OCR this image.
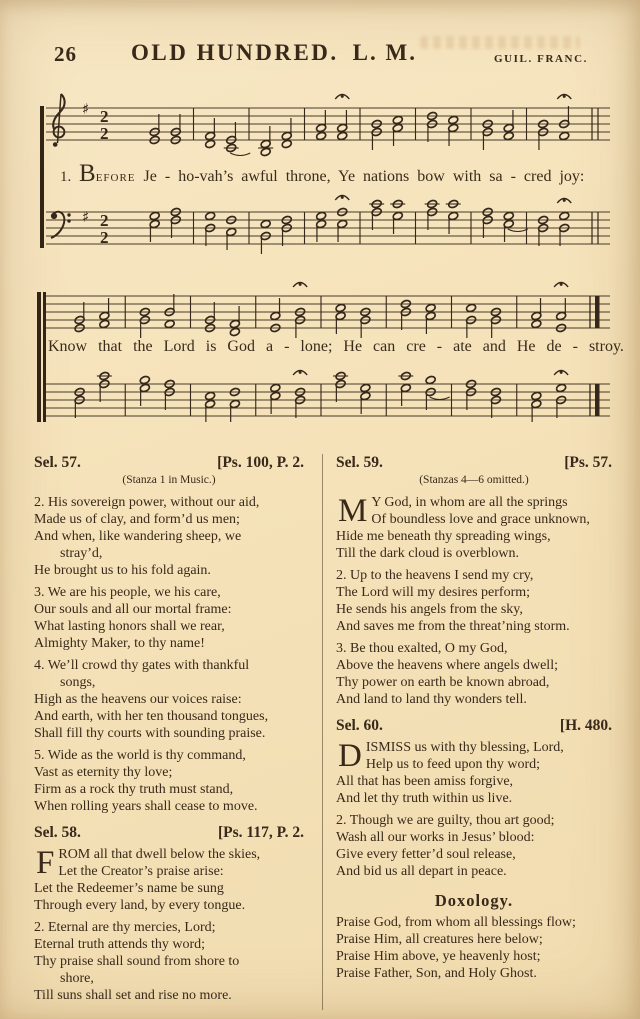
26 OLD HUNDRED. L. M.	GUIL. FRANC.
♯ 2
2
1. BEFORE Je - ho-vah’s awful throne, Ye nations bow with sa - cred joy:
♯ 2
2
Know that the Lord is God a - lone; He can cre - ate and He de - stroy.
Sel. 57.	[Ps. 100, P. 2.
(Stanza 1 in Music.)
2. His sovereign power, without our aid,
Made us of clay, and form’d us men;
And when, like wandering sheep, we
stray’d,
He brought us to his fold again.
3. We are his people, we his care,
Our souls and all our mortal frame:
What lasting honors shall we rear,
Almighty Maker, to thy name!
4. We’ll crowd thy gates with thankful
songs,
High as the heavens our voices raise:
And earth, with her ten thousand tongues,
Shall fill thy courts with sounding praise.
5. Wide as the world is thy command,
Vast as eternity thy love;
Firm as a rock thy truth must stand,
When rolling years shall cease to move.
Sel. 58.	[Ps. 117, P. 2.
F ROM all that dwell below the skies,
Let the Creator’s praise arise:
Let the Redeemer’s name be sung
Through every land, by every tongue.
2. Eternal are thy mercies, Lord;
Eternal truth attends thy word;
Thy praise shall sound from shore to
shore,
Till suns shall set and rise no more.
Sel. 59.	[Ps. 57.
(Stanzas 4—6 omitted.)
M Y God, in whom are all the springs
Of boundless love and grace unknown,
Hide me beneath thy spreading wings,
Till the dark cloud is overblown.
2. Up to the heavens I send my cry,
The Lord will my desires perform;
He sends his angels from the sky,
And saves me from the threat’ning storm.
3. Be thou exalted, O my God,
Above the heavens where angels dwell;
Thy power on earth be known abroad,
And land to land thy wonders tell.
Sel. 60.	[H. 480.
D ISMISS us with thy blessing, Lord,
Help us to feed upon thy word;
All that has been amiss forgive,
And let thy truth within us live.
2. Though we are guilty, thou art good;
Wash all our works in Jesus’ blood:
Give every fetter’d soul release,
And bid us all depart in peace.
Doxology.
Praise God, from whom all blessings flow;
Praise Him, all creatures here below;
Praise Him above, ye heavenly host;
Praise Father, Son, and Holy Ghost.
